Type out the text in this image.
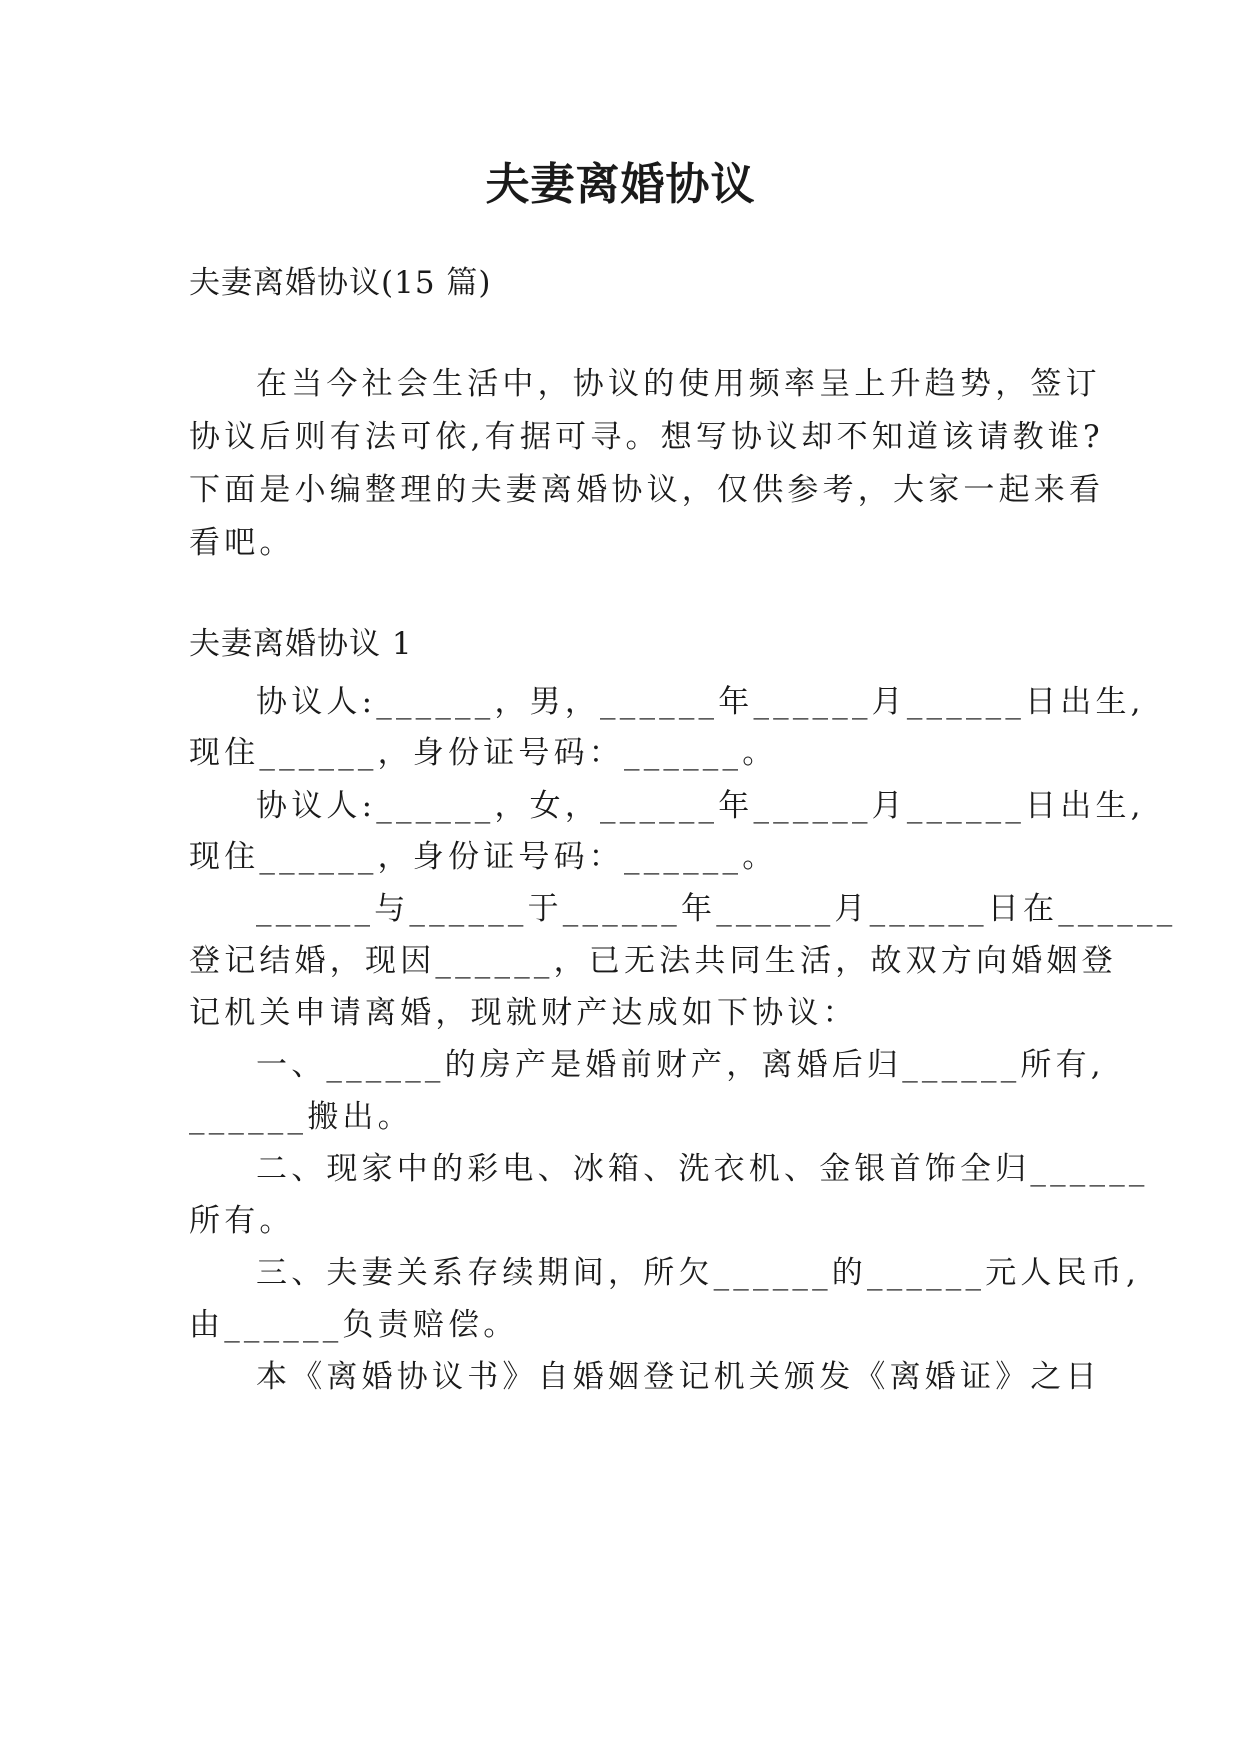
夫妻离婚协议

夫妻离婚协议(15 篇)

在当今社会生活中，协议的使用频率呈上升趋势，签订

协议后则有法可依,有据可寻。想写协议却不知道该请教谁?

下面是小编整理的夫妻离婚协议，仅供参考，大家一起来看

看吧。

夫妻离婚协议 1

协议人:______，男，______年______月______日出生,

现住______，身份证号码：______。

协议人:______，女，______年______月______日出生,

现住______，身份证号码：______。

______与______于______年______月______日在______

登记结婚，现因______，已无法共同生活，故双方向婚姻登

记机关申请离婚，现就财产达成如下协议：

一、______的房产是婚前财产，离婚后归______所有,

______搬出。

二、现家中的彩电、冰箱、洗衣机、金银首饰全归______

所有。

三、夫妻关系存续期间，所欠______的______元人民币,

由______负责赔偿。

本《离婚协议书》自婚姻登记机关颁发《离婚证》之日
